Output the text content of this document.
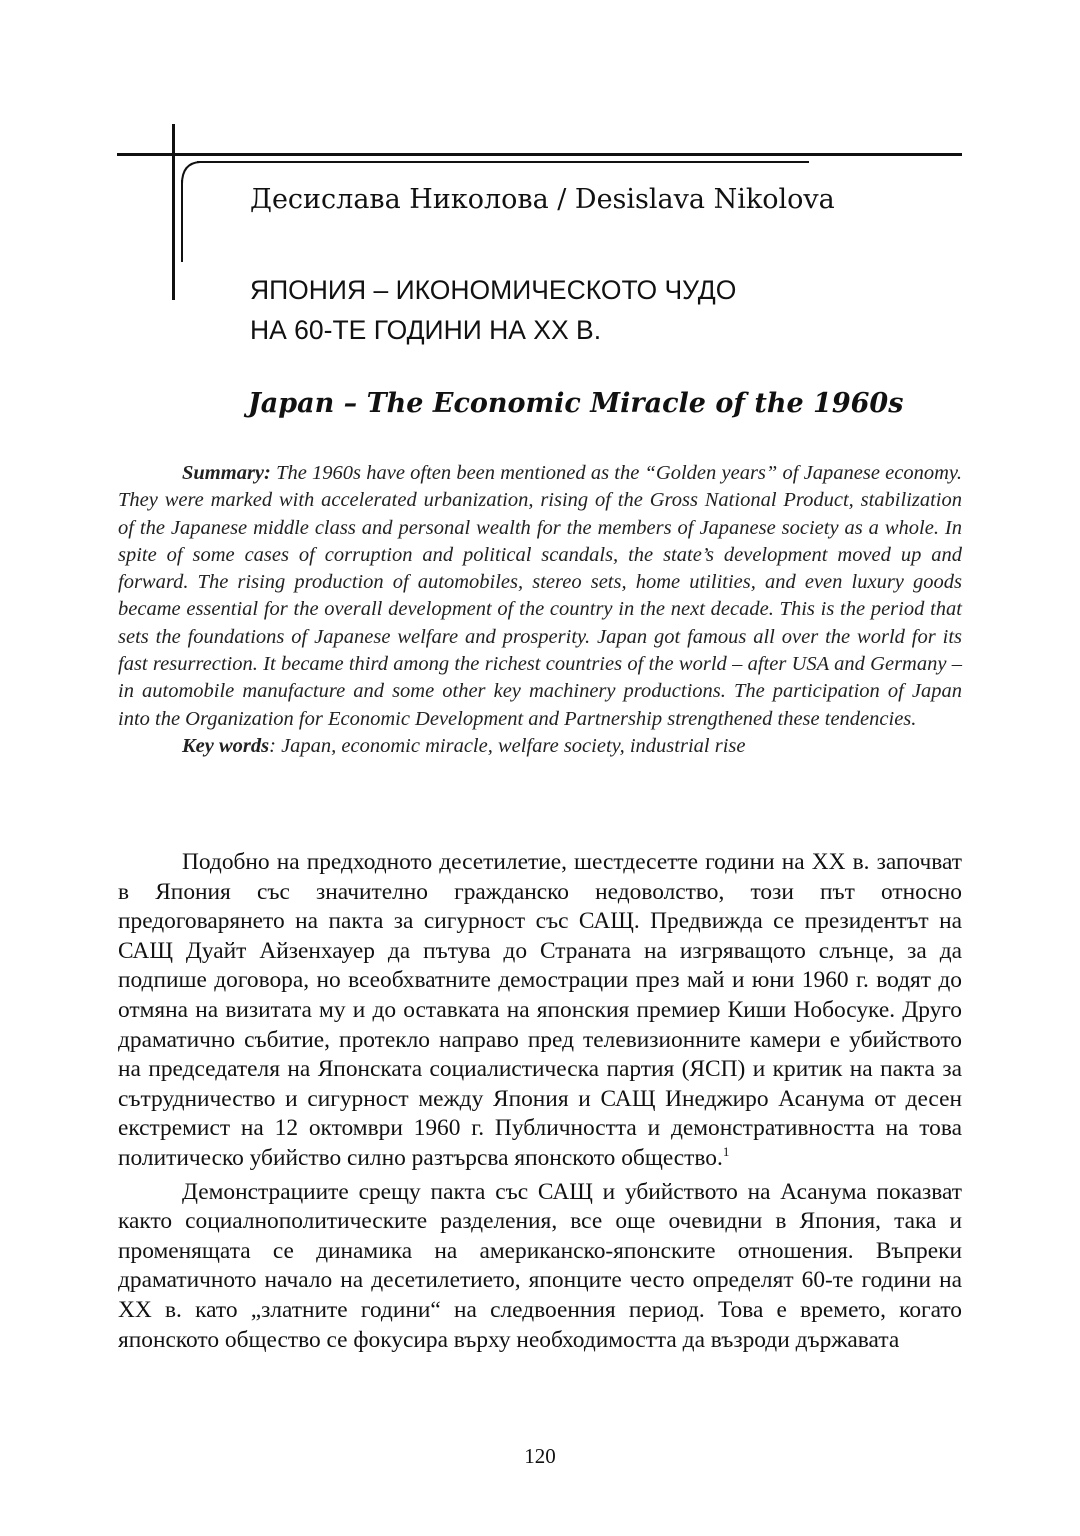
Десислава Николова / Desislava Nikolova
ЯПОНИЯ – ИКОНОМИЧЕСКОТО ЧУДО
НА 60-ТЕ ГОДИНИ НА XX В.
Japan – The Economic Miracle of the 1960s

Summary: The 1960s have often been mentioned as the “Golden years” of Japanese economy. They were marked with accelerated urbanization, rising of the Gross National Product, stabilization of the Japanese middle class and personal wealth for the members of Japanese society as a whole. In spite of some cases of corruption and political scandals, the state’s development moved up and forward. The rising production of automobiles, stereo sets, home utilities, and even luxury goods became essential for the overall development of the country in the next decade. This is the period that sets the foundations of Japanese welfare and prosperity. Japan got famous all over the world for its fast resurrection. It became third among the richest countries of the world – after USA and Germany – in automobile manufacture and some other key machinery productions. The participation of Japan into the Organization for Economic Development and Partnership strengthened these tendencies.

Key words: Japan, economic miracle, welfare society, industrial rise

Подобно на предходното десетилетие, шестдесетте години на XX в. започват в Япония със значително гражданско недоволство, този път относно предоговарянето на пакта за сигурност със САЩ. Предвижда се президентът на САЩ Дуайт Айзенхауер да пътува до Страната на изгряващото слънце, за да подпише договора, но всеобхватните демострации през май и юни 1960 г. водят до отмяна на визитата му и до оставката на японския премиер Киши Нобосуке. Друго драматично събитие, протекло направо пред телевизионните камери е убийството на председателя на Японската социалистическа партия (ЯСП) и критик на пакта за сътрудничество и сигурност между Япония и САЩ Инеджиро Асанума от десен екстремист на 12 октомври 1960 г. Публичността и демонстративността на това политическо убийство силно разтърсва японското общество.$^1$

Демонстрациите срещу пакта със САЩ и убийството на Асанума показват както социалнополитическите разделения, все още очевидни в Япония, така и променящата се динамика на американско-японските отношения. Въпреки драматичното начало на десетилетието, японците често определят 60-те години на XX в. като „златните години“ на следвоенния период. Това е времето, когато японското общество се фокусира върху необходимостта да възроди държавата

120
